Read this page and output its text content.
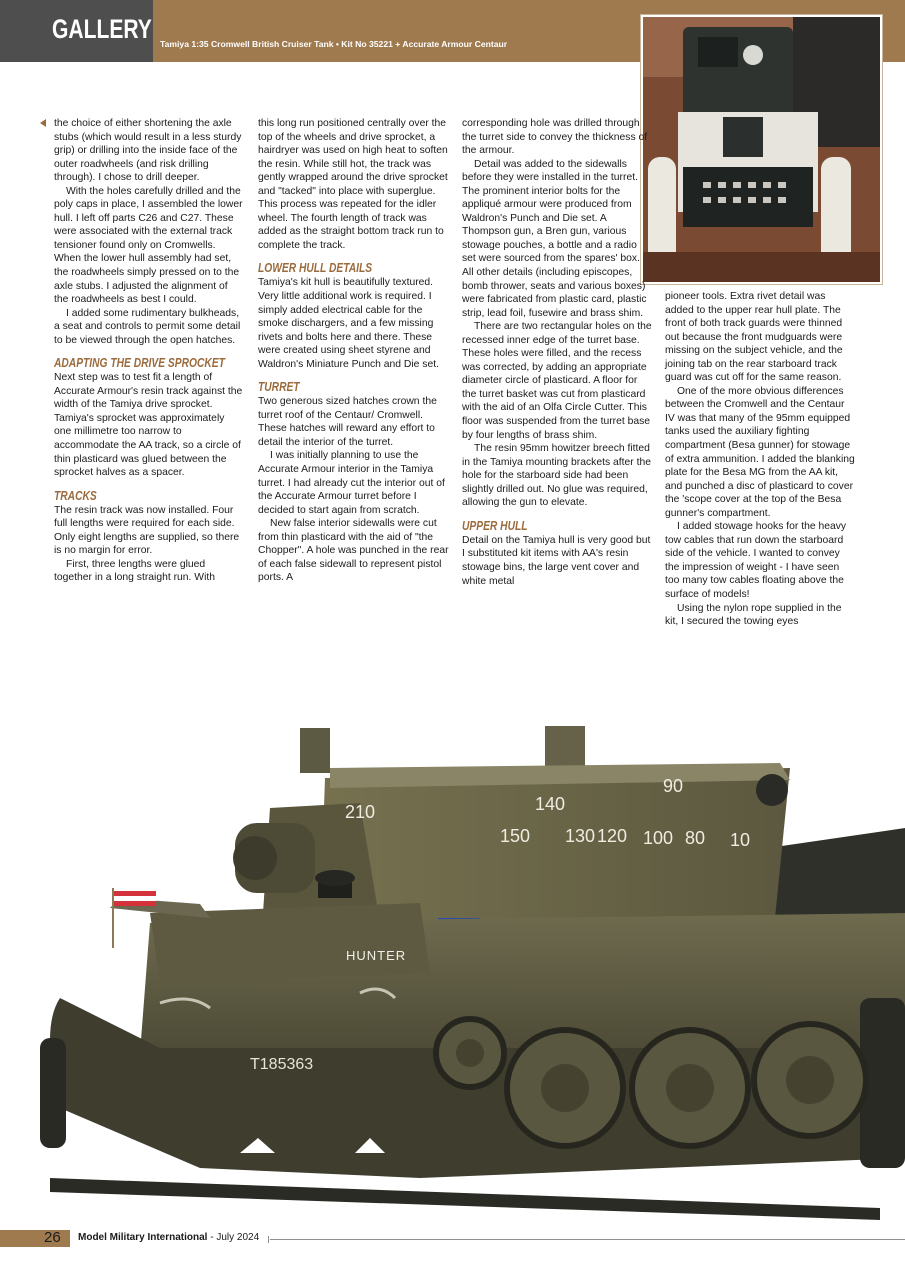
GALLERY Tamiya 1:35 Cromwell British Cruiser Tank • Kit No 35221 + Accurate Armour Centaur

the choice of either shortening the axle stubs (which would result in a less sturdy grip) or drilling into the inside face of the outer roadwheels (and risk drilling through). I chose to drill deeper.

With the holes carefully drilled and the poly caps in place, I assembled the lower hull. I left off parts C26 and C27. These were associated with the external track tensioner found only on Cromwells. When the lower hull assembly had set, the roadwheels simply pressed on to the axle stubs. I adjusted the alignment of the roadwheels as best I could.

I added some rudimentary bulkheads, a seat and controls to permit some detail to be viewed through the open hatches.

ADAPTING THE DRIVE SPROCKET

Next step was to test fit a length of Accurate Armour's resin track against the width of the Tamiya drive sprocket. Tamiya's sprocket was approximately one millimetre too narrow to accommodate the AA track, so a circle of thin plasticard was glued between the sprocket halves as a spacer.

TRACKS

The resin track was now installed. Four full lengths were required for each side. Only eight lengths are supplied, so there is no margin for error.

First, three lengths were glued together in a long straight run. With

this long run positioned centrally over the top of the wheels and drive sprocket, a hairdryer was used on high heat to soften the resin. While still hot, the track was gently wrapped around the drive sprocket and "tacked" into place with superglue. This process was repeated for the idler wheel. The fourth length of track was added as the straight bottom track run to complete the track.

LOWER HULL DETAILS

Tamiya's kit hull is beautifully textured. Very little additional work is required. I simply added electrical cable for the smoke dischargers, and a few missing rivets and bolts here and there. These were created using sheet styrene and Waldron's Miniature Punch and Die set.

TURRET

Two generous sized hatches crown the turret roof of the Centaur/ Cromwell. These hatches will reward any effort to detail the interior of the turret.

I was initially planning to use the Accurate Armour interior in the Tamiya turret. I had already cut the interior out of the Accurate Armour turret before I decided to start again from scratch.

New false interior sidewalls were cut from thin plasticard with the aid of "the Chopper". A hole was punched in the rear of each false sidewall to represent pistol ports. A

corresponding hole was drilled through the turret side to convey the thickness of the armour.

Detail was added to the sidewalls before they were installed in the turret. The prominent interior bolts for the appliqué armour were produced from Waldron's Punch and Die set. A Thompson gun, a Bren gun, various stowage pouches, a bottle and a radio set were sourced from the spares' box. All other details (including episcopes, bomb thrower, seats and various boxes) were fabricated from plastic card, plastic strip, lead foil, fusewire and brass shim.

There are two rectangular holes on the recessed inner edge of the turret base. These holes were filled, and the recess was corrected, by adding an appropriate diameter circle of plasticard. A floor for the turret basket was cut from plasticard with the aid of an Olfa Circle Cutter. This floor was suspended from the turret base by four lengths of brass shim.

The resin 95mm howitzer breech fitted in the Tamiya mounting brackets after the hole for the starboard side had been slightly drilled out. No glue was required, allowing the gun to elevate.

UPPER HULL

Detail on the Tamiya hull is very good but I substituted kit items with AA's resin stowage bins, the large vent cover and white metal

pioneer tools. Extra rivet detail was added to the upper rear hull plate. The front of both track guards were thinned out because the front mudguards were missing on the subject vehicle, and the joining tab on the rear starboard track guard was cut off for the same reason.

One of the more obvious differences between the Cromwell and the Centaur IV was that many of the 95mm equipped tanks used the auxiliary fighting compartment (Besa gunner) for stowage of extra ammunition. I added the blanking plate for the Besa MG from the AA kit, and punched a disc of plasticard to cover the 'scope cover at the top of the Besa gunner's compartment.

I added stowage hooks for the heavy tow cables that run down the starboard side of the vehicle. I wanted to convey the impression of weight - I have seen too many tow cables floating above the surface of models!

Using the nylon rope supplied in the kit, I secured the towing eyes

210
150
140
130 120 100 80 10
90
HUNTER
T185363
26 Model Military International - July 2024
